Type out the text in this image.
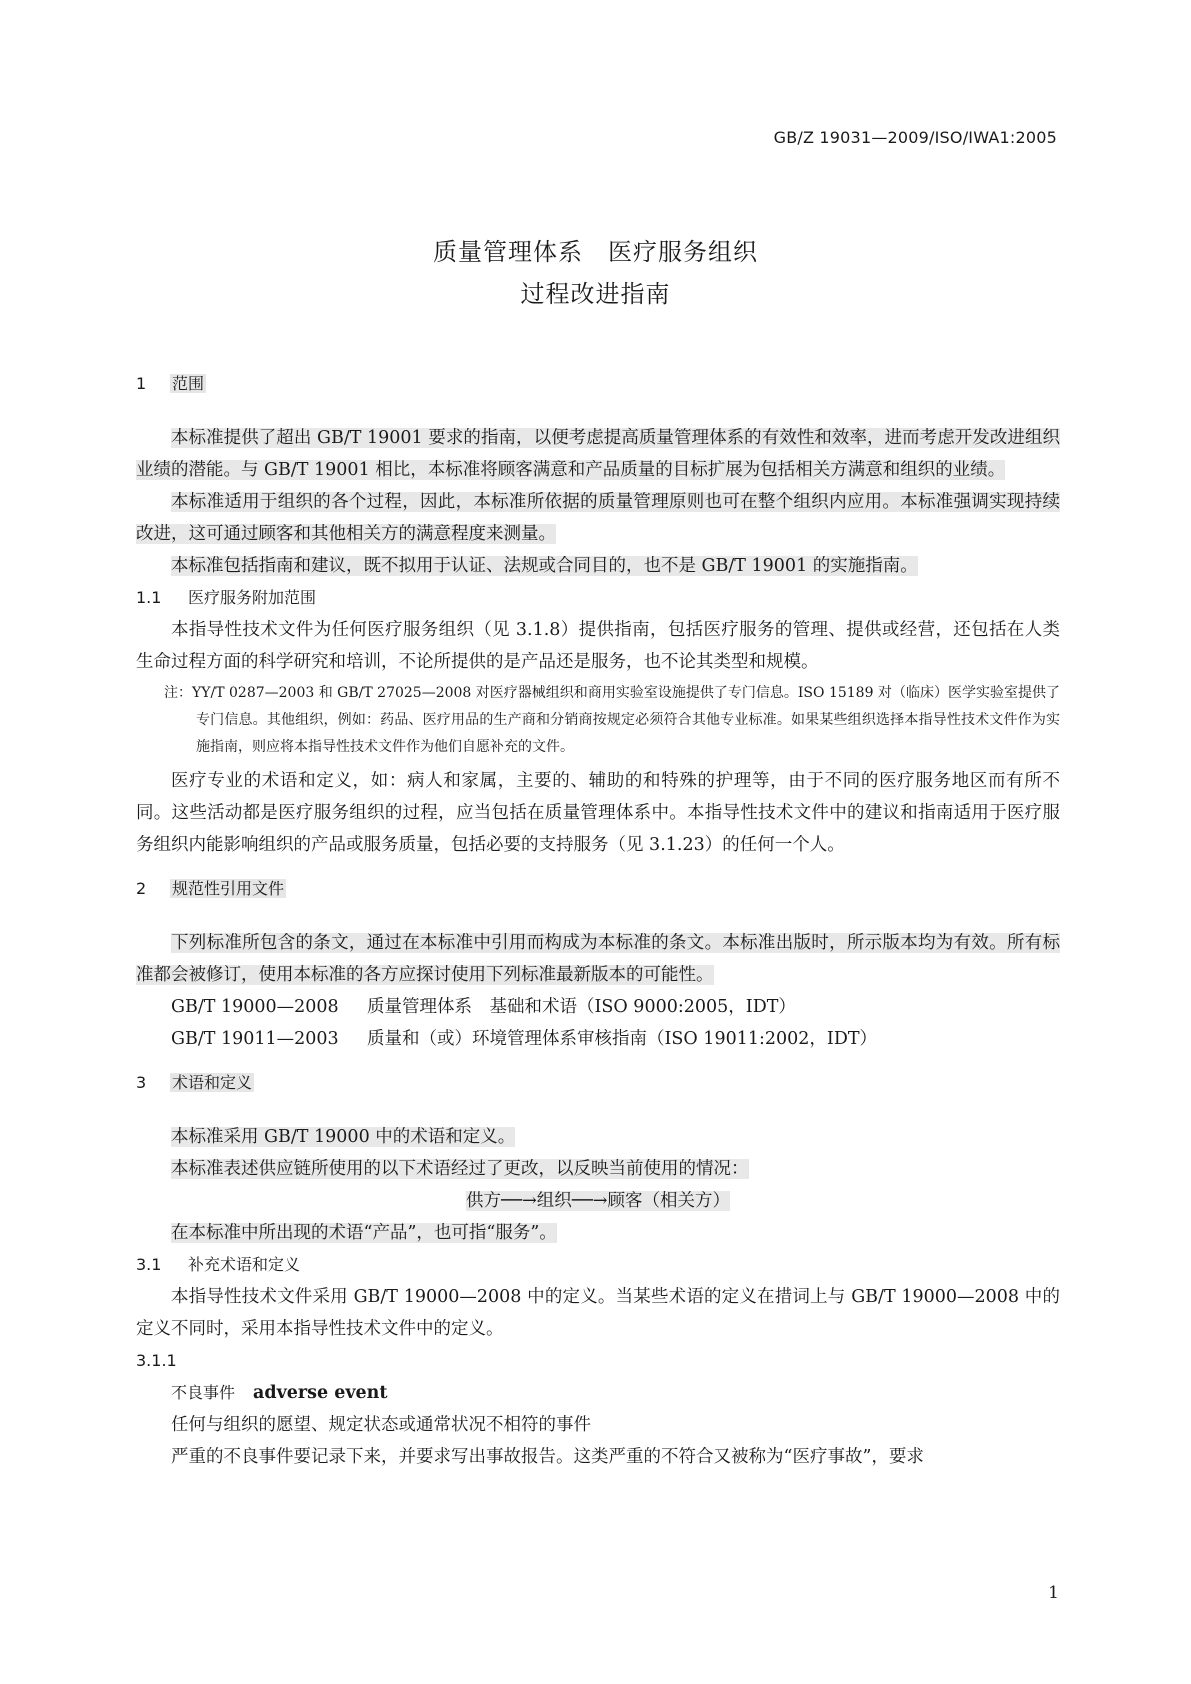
GB/Z 19031—2009/ISO/IWA1:2005
质量管理体系　医疗服务组织
过程改进指南
1 范围

本标准提供了超出 GB/T 19001 要求的指南，以便考虑提高质量管理体系的有效性和效率，进而考虑开发改进组织业绩的潜能。与 GB/T 19001 相比，本标准将顾客满意和产品质量的目标扩展为包括相关方满意和组织的业绩。

本标准适用于组织的各个过程，因此，本标准所依据的质量管理原则也可在整个组织内应用。本标准强调实现持续改进，这可通过顾客和其他相关方的满意程度来测量。

本标准包括指南和建议，既不拟用于认证、法规或合同目的，也不是 GB/T 19001 的实施指南。

1.1 医疗服务附加范围

本指导性技术文件为任何医疗服务组织（见 3.1.8）提供指南，包括医疗服务的管理、提供或经营，还包括在人类生命过程方面的科学研究和培训，不论所提供的是产品还是服务，也不论其类型和规模。

注：YY/T 0287—2003 和 GB/T 27025—2008 对医疗器械组织和商用实验室设施提供了专门信息。ISO 15189 对（临床）医学实验室提供了专门信息。其他组织，例如：药品、医疗用品的生产商和分销商按规定必须符合其他专业标准。如果某些组织选择本指导性技术文件作为实施指南，则应将本指导性技术文件作为他们自愿补充的文件。

医疗专业的术语和定义，如：病人和家属，主要的、辅助的和特殊的护理等，由于不同的医疗服务地区而有所不同。这些活动都是医疗服务组织的过程，应当包括在质量管理体系中。本指导性技术文件中的建议和指南适用于医疗服务组织内能影响组织的产品或服务质量，包括必要的支持服务（见 3.1.23）的任何一个人。

2 规范性引用文件

下列标准所包含的条文，通过在本标准中引用而构成为本标准的条文。本标准出版时，所示版本均为有效。所有标准都会被修订，使用本标准的各方应探讨使用下列标准最新版本的可能性。

GB/T 19000—2008 质量管理体系　基础和术语（ISO 9000:2005，IDT）
GB/T 19011—2003 质量和（或）环境管理体系审核指南（ISO 19011:2002，IDT）
3 术语和定义

本标准采用 GB/T 19000 中的术语和定义。

本标准表述供应链所使用的以下术语经过了更改，以反映当前使用的情况：

供方──→组织──→顾客（相关方）

在本标准中所出现的术语“产品”，也可指“服务”。

3.1 补充术语和定义

本指导性技术文件采用 GB/T 19000—2008 中的定义。当某些术语的定义在措词上与 GB/T 19000—2008 中的定义不同时，采用本指导性技术文件中的定义。

3.1.1
不良事件 adverse event

任何与组织的愿望、规定状态或通常状况不相符的事件

严重的不良事件要记录下来，并要求写出事故报告。这类严重的不符合又被称为“医疗事故”，要求

1
